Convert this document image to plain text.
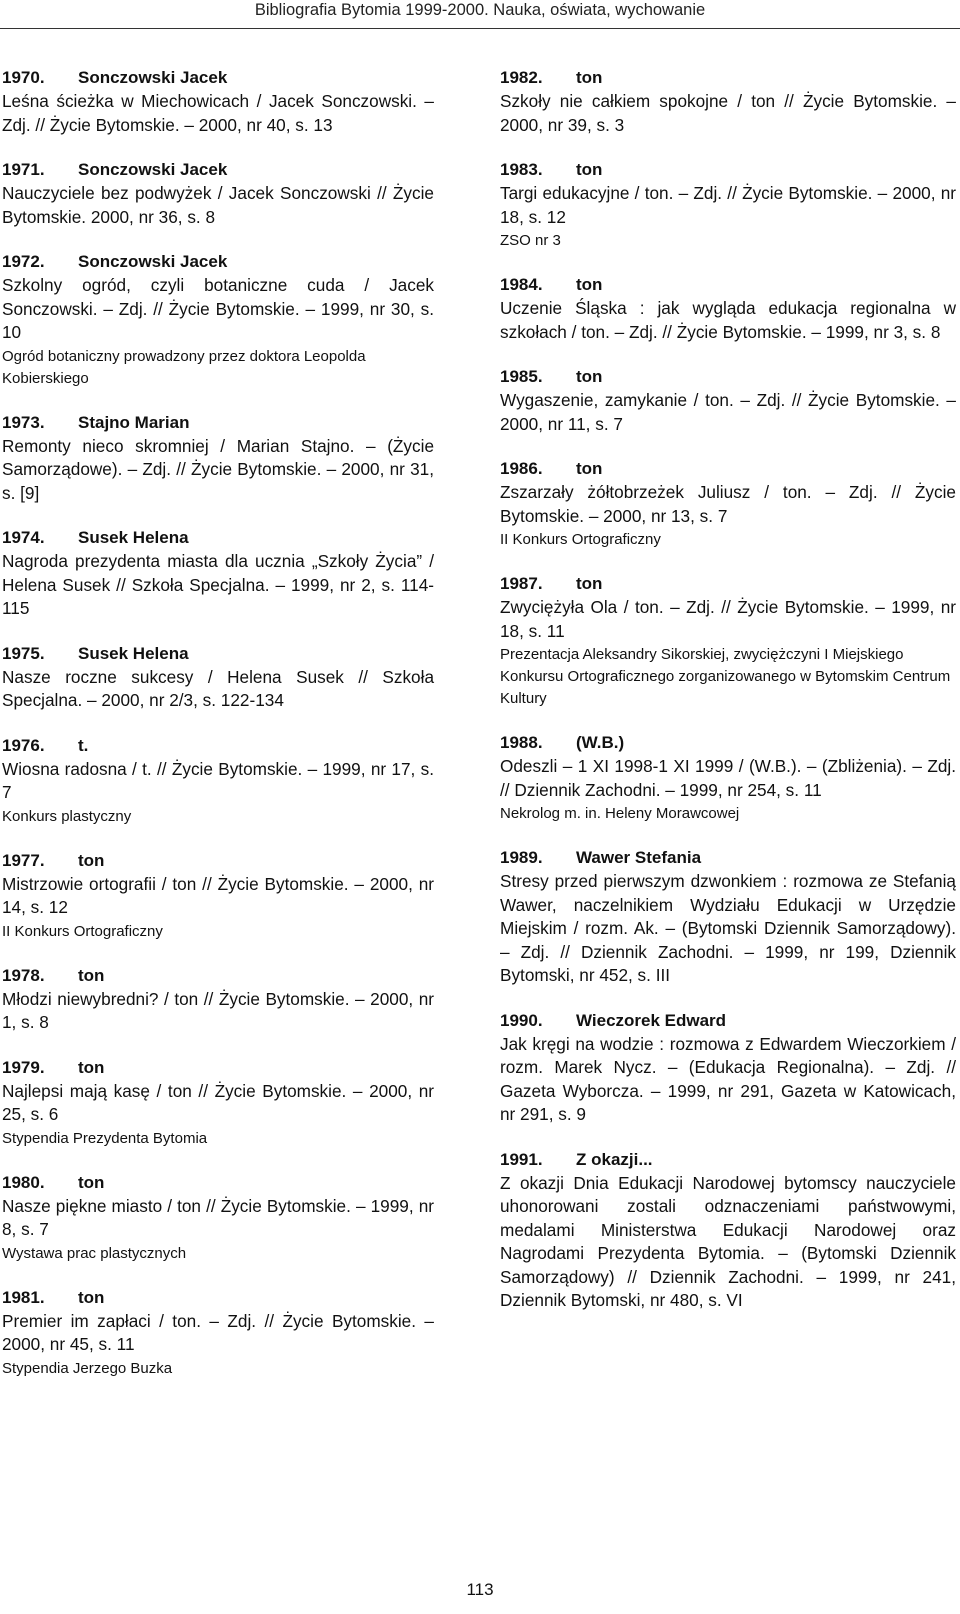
Bibliografia Bytomia 1999-2000. Nauka, oświata, wychowanie
1970. Sonczowski Jacek
Leśna ścieżka w Miechowicach / Jacek Sonczowski. – Zdj. // Życie Bytomskie. – 2000, nr 40, s. 13
1971. Sonczowski Jacek
Nauczyciele bez podwyżek / Jacek Sonczowski // Życie Bytomskie. 2000, nr 36, s. 8
1972. Sonczowski Jacek
Szkolny ogród, czyli botaniczne cuda / Jacek Sonczowski. – Zdj. // Życie Bytomskie. – 1999, nr 30, s. 10
Ogród botaniczny prowadzony przez doktora Leopolda Kobierskiego
1973. Stajno Marian
Remonty nieco skromniej / Marian Stajno. – (Życie Samorządowe). – Zdj. // Życie Bytomskie. – 2000, nr 31, s. [9]
1974. Susek Helena
Nagroda prezydenta miasta dla ucznia „Szkoły Życia” / Helena Susek // Szkoła Specjalna. – 1999, nr 2, s. 114-115
1975. Susek Helena
Nasze roczne sukcesy / Helena Susek // Szkoła Specjalna. – 2000, nr 2/3, s. 122-134
1976. t.
Wiosna radosna / t. // Życie Bytomskie. – 1999, nr 17, s. 7
Konkurs plastyczny
1977. ton
Mistrzowie ortografii / ton // Życie Bytomskie. – 2000, nr 14, s. 12
II Konkurs Ortograficzny
1978. ton
Młodzi niewybredni? / ton // Życie Bytomskie. – 2000, nr 1, s. 8
1979. ton
Najlepsi mają kasę / ton // Życie Bytomskie. – 2000, nr 25, s. 6
Stypendia Prezydenta Bytomia
1980. ton
Nasze piękne miasto / ton // Życie Bytomskie. – 1999, nr 8, s. 7
Wystawa prac plastycznych
1981. ton
Premier im zapłaci / ton. – Zdj. // Życie Bytomskie. – 2000, nr 45, s. 11
Stypendia Jerzego Buzka
1982. ton
Szkoły nie całkiem spokojne / ton // Życie Bytomskie. – 2000, nr 39, s. 3
1983. ton
Targi edukacyjne / ton. – Zdj. // Życie Bytomskie. – 2000, nr 18, s. 12
ZSO nr 3
1984. ton
Uczenie Śląska : jak wygląda edukacja regionalna w szkołach / ton. – Zdj. // Życie Bytomskie. – 1999, nr 3, s. 8
1985. ton
Wygaszenie, zamykanie / ton. – Zdj. // Życie Bytomskie. – 2000, nr 11, s. 7
1986. ton
Zszarzały żółtobrzeżek Juliusz / ton. – Zdj. // Życie Bytomskie. – 2000, nr 13, s. 7
II Konkurs Ortograficzny
1987. ton
Zwyciężyła Ola / ton. – Zdj. // Życie Bytomskie. – 1999, nr 18, s. 11
Prezentacja Aleksandry Sikorskiej, zwyciężczyni I Miejskiego Konkursu Ortograficznego zorganizowanego w Bytomskim Centrum Kultury
1988. (W.B.)
Odeszli – 1 XI 1998-1 XI 1999 / (W.B.). – (Zbliżenia). – Zdj. // Dziennik Zachodni. – 1999, nr 254, s. 11
Nekrolog m. in. Heleny Morawcowej
1989. Wawer Stefania
Stresy przed pierwszym dzwonkiem : rozmowa ze Stefanią Wawer, naczelnikiem Wydziału Edukacji w Urzędzie Miejskim / rozm. Ak. – (Bytomski Dziennik Samorządowy). – Zdj. // Dziennik Zachodni. – 1999, nr 199, Dziennik Bytomski, nr 452, s. III
1990. Wieczorek Edward
Jak kręgi na wodzie : rozmowa z Edwardem Wieczorkiem / rozm. Marek Nycz. – (Edukacja Regionalna). – Zdj. // Gazeta Wyborcza. – 1999, nr 291, Gazeta w Katowicach, nr 291, s. 9
1991. Z okazji...
Z okazji Dnia Edukacji Narodowej bytomscy nauczyciele uhonorowani zostali odznaczeniami państwowymi, medalami Ministerstwa Edukacji Narodowej oraz Nagrodami Prezydenta Bytomia. – (Bytomski Dziennik Samorządowy) // Dziennik Zachodni. – 1999, nr 241, Dziennik Bytomski, nr 480, s. VI
113
